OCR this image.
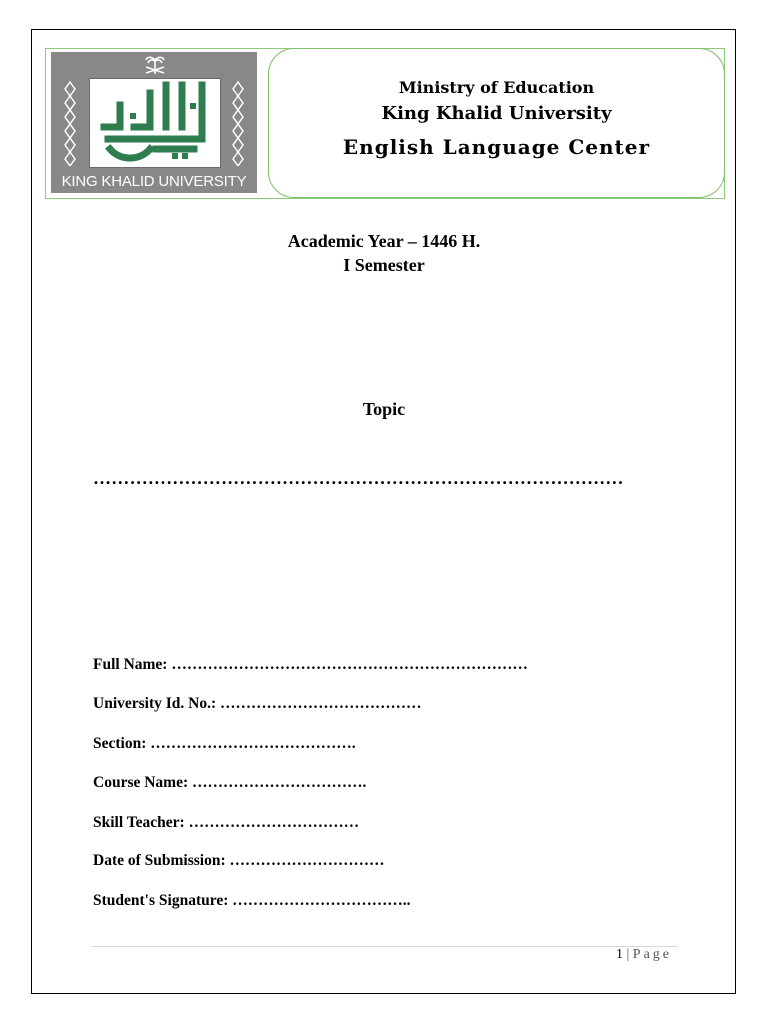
جامعة الملك خالد
KING KHALID UNIVERSITY
Ministry of Education
King Khalid University
English Language Center
Academic Year – 1446 H.
I Semester
Topic
……………………………………………………………………………
Full Name: ……………………………………………………………
University Id. No.: …………………………………
Section: ………………………………….
Course Name: …………………………….
Skill Teacher: ……………………………
Date of Submission: …………………………
Student's Signature: ……………………………..
1 | Page
